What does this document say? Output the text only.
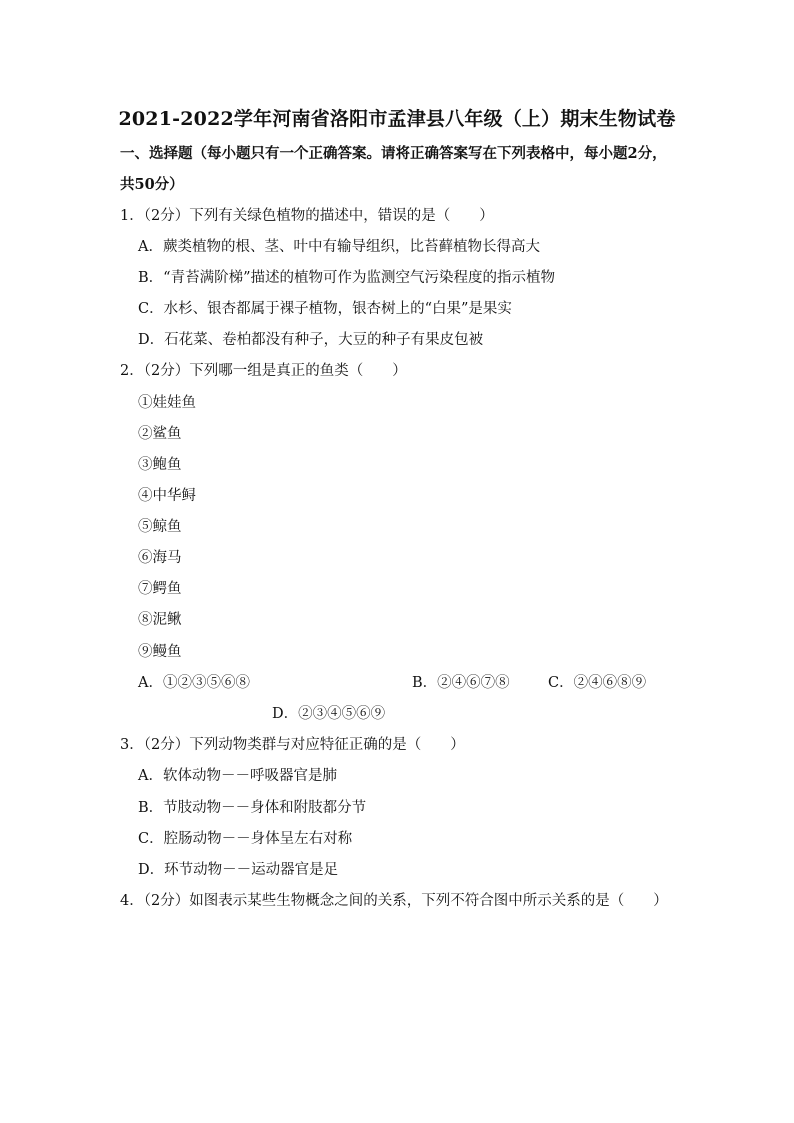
2021-2022学年河南省洛阳市孟津县八年级（上）期末生物试卷
一、选择题（每小题只有一个正确答案。请将正确答案写在下列表格中，每小题2分，共50分）
1．（2分）下列有关绿色植物的描述中，错误的是（　　）
A．蕨类植物的根、茎、叶中有输导组织，比苔藓植物长得高大
B．“青苔满阶梯”描述的植物可作为监测空气污染程度的指示植物
C．水杉、银杏都属于裸子植物，银杏树上的“白果”是果实
D．石花菜、卷柏都没有种子，大豆的种子有果皮包被
2．（2分）下列哪一组是真正的鱼类（　　）
①娃娃鱼
②鲨鱼
③鲍鱼
④中华鲟
⑤鲸鱼
⑥海马
⑦鳄鱼
⑧泥鳅
⑨鳗鱼
A．①②③⑤⑥⑧	B．②④⑥⑦⑧	C．②④⑥⑧⑨
D．②③④⑤⑥⑨
3．（2分）下列动物类群与对应特征正确的是（　　）
A．软体动物－－呼吸器官是肺
B．节肢动物－－身体和附肢都分节
C．腔肠动物－－身体呈左右对称
D．环节动物－－运动器官是足
4．（2分）如图表示某些生物概念之间的关系，下列不符合图中所示关系的是（　　）
